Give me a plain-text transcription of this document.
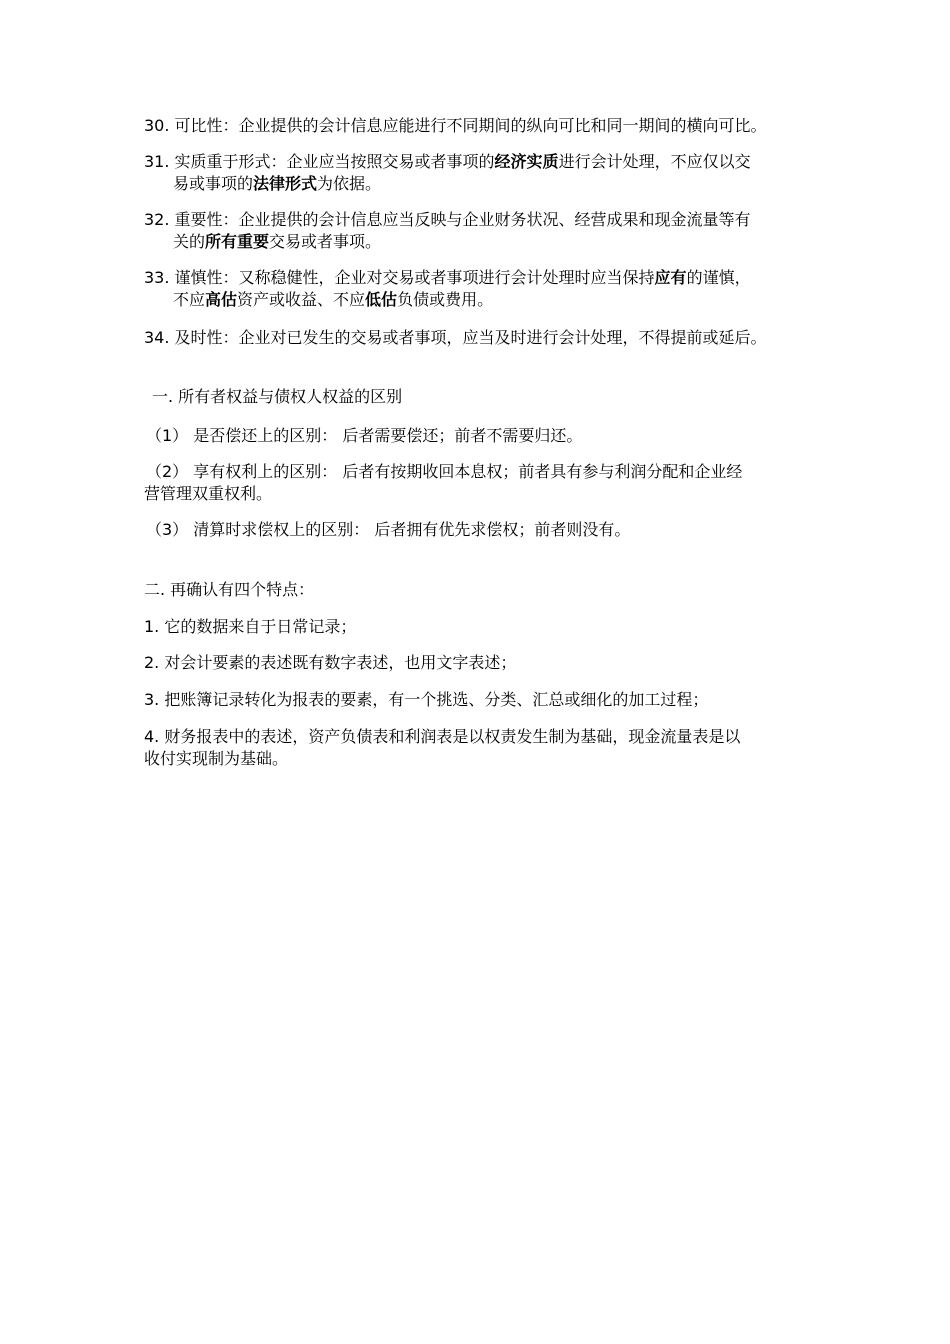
30. 可比性：企业提供的会计信息应能进行不同期间的纵向可比和同一期间的横向可比。
31. 实质重于形式：企业应当按照交易或者事项的经济实质进行会计处理，不应仅以交
易或事项的法律形式为依据。
32. 重要性：企业提供的会计信息应当反映与企业财务状况、经营成果和现金流量等有
关的所有重要交易或者事项。
33. 谨慎性：又称稳健性，企业对交易或者事项进行会计处理时应当保持应有的谨慎，
不应高估资产或收益、不应低估负债或费用。
34. 及时性：企业对已发生的交易或者事项，应当及时进行会计处理，不得提前或延后。
一. 所有者权益与债权人权益的区别
（1） 是否偿还上的区别： 后者需要偿还；前者不需要归还。
（2） 享有权利上的区别： 后者有按期收回本息权；前者具有参与利润分配和企业经
营管理双重权利。
（3） 清算时求偿权上的区别： 后者拥有优先求偿权；前者则没有。
二. 再确认有四个特点：
1. 它的数据来自于日常记录；
2. 对会计要素的表述既有数字表述，也用文字表述；
3. 把账簿记录转化为报表的要素，有一个挑选、分类、汇总或细化的加工过程；
4. 财务报表中的表述，资产负债表和利润表是以权责发生制为基础，现金流量表是以
收付实现制为基础。
